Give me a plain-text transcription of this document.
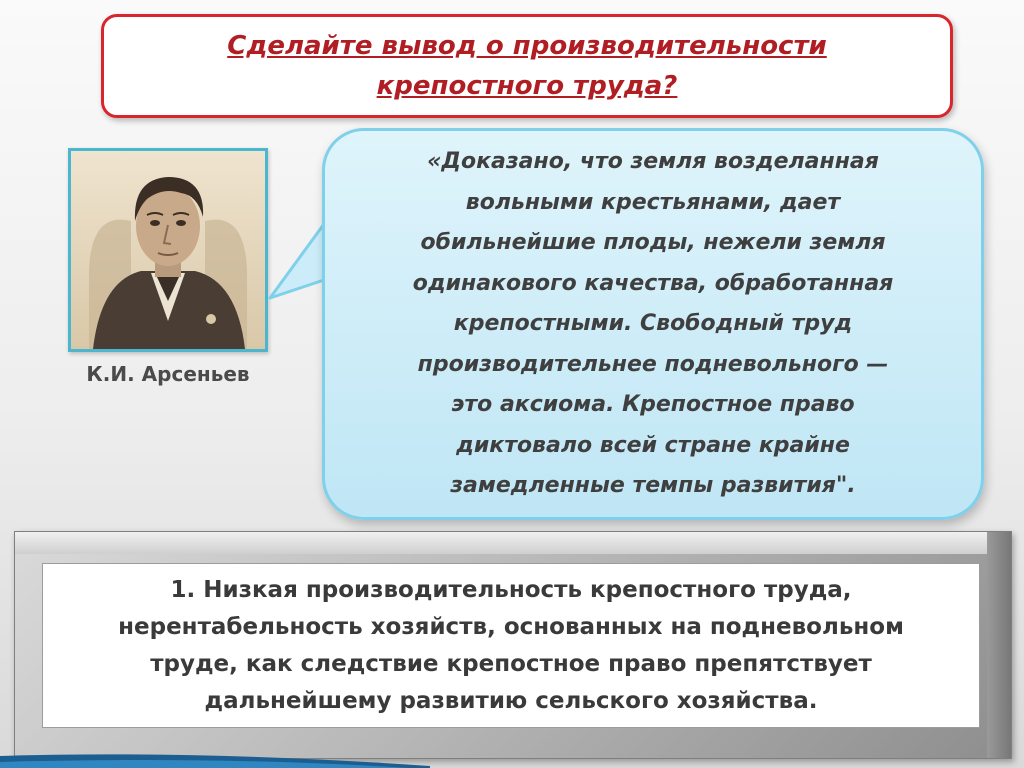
Сделайте вывод о производительности
крепостного труда?
К.И. Арсеньев

«Доказано, что земля возделанная
вольными крестьянами, дает
обильнейшие плоды, нежели земля
одинакового качества, обработанная
крепостными. Свободный труд
производительнее подневольного —
это аксиома. Крепостное право
диктовало всей стране крайне
замедленные темпы развития".

1. Низкая производительность крепостного труда,
нерентабельность хозяйств, основанных на подневольном
труде, как следствие крепостное право препятствует
дальнейшему развитию сельского хозяйства.
